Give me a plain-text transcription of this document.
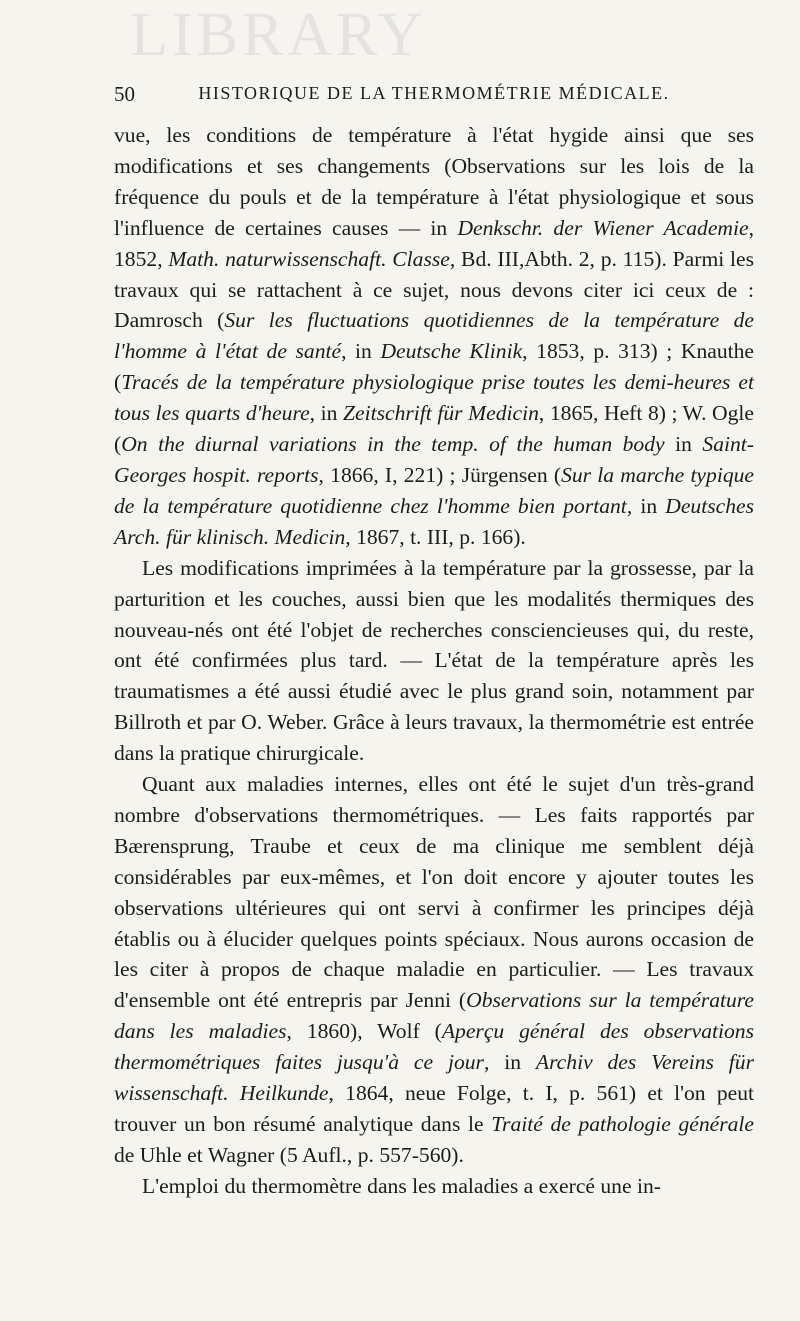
LIBRARY
50	HISTORIQUE DE LA THERMOMÉTRIE MÉDICALE.

vue, les conditions de température à l'état hygide ainsi que ses modifications et ses changements (Observations sur les lois de la fréquence du pouls et de la température à l'état physiologique et sous l'influence de certaines causes — in Denkschr. der Wiener Academie, 1852, Math. naturwissenschaft. Classe, Bd. III,Abth. 2, p. 115). Parmi les travaux qui se rattachent à ce sujet, nous devons citer ici ceux de : Damrosch (Sur les fluctuations quotidiennes de la température de l'homme à l'état de santé, in Deutsche Klinik, 1853, p. 313) ; Knauthe (Tracés de la température physiologique prise toutes les demi-heures et tous les quarts d'heure, in Zeitschrift für Medicin, 1865, Heft 8) ; W. Ogle (On the diurnal variations in the temp. of the human body in Saint-Georges hospit. reports, 1866, I, 221) ; Jürgensen (Sur la marche typique de la température quotidienne chez l'homme bien portant, in Deutsches Arch. für klinisch. Medicin, 1867, t. III, p. 166).

Les modifications imprimées à la température par la grossesse, par la parturition et les couches, aussi bien que les modalités thermiques des nouveau-nés ont été l'objet de recherches consciencieuses qui, du reste, ont été confirmées plus tard. — L'état de la température après les traumatismes a été aussi étudié avec le plus grand soin, notamment par Billroth et par O. Weber. Grâce à leurs travaux, la thermométrie est entrée dans la pratique chirurgicale.

Quant aux maladies internes, elles ont été le sujet d'un très-grand nombre d'observations thermométriques. — Les faits rapportés par Bærensprung, Traube et ceux de ma clinique me semblent déjà considérables par eux-mêmes, et l'on doit encore y ajouter toutes les observations ultérieures qui ont servi à confirmer les principes déjà établis ou à élucider quelques points spéciaux. Nous aurons occasion de les citer à propos de chaque maladie en particulier. — Les travaux d'ensemble ont été entrepris par Jenni (Observations sur la température dans les maladies, 1860), Wolf (Aperçu général des observations thermométriques faites jusqu'à ce jour, in Archiv des Vereins für wissenschaft. Heilkunde, 1864, neue Folge, t. I, p. 561) et l'on peut trouver un bon résumé analytique dans le Traité de pathologie générale de Uhle et Wagner (5 Aufl., p. 557-560).

L'emploi du thermomètre dans les maladies a exercé une in-
